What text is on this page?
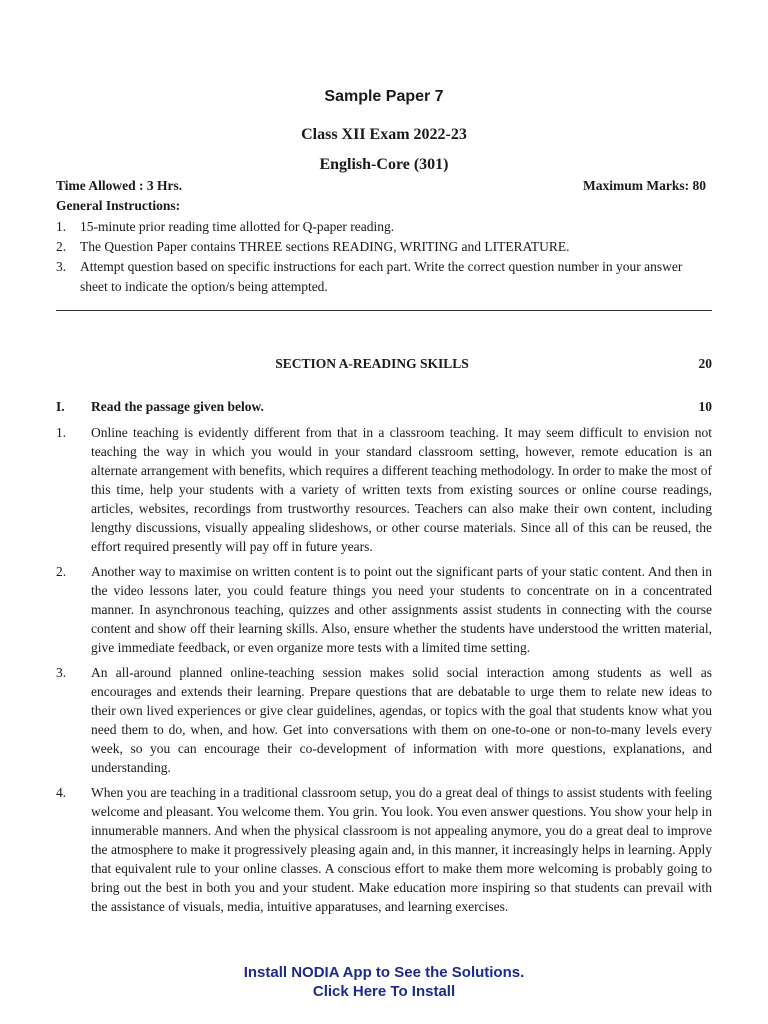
Sample Paper 7
Class XII Exam 2022-23
English-Core (301)
Time Allowed : 3 Hrs.	Maximum Marks: 80
General Instructions:
1.	15-minute prior reading time allotted for Q-paper reading.
2.	The Question Paper contains THREE sections READING, WRITING and LITERATURE.
3.	Attempt question based on specific instructions for each part. Write the correct question number in your answer sheet to indicate the option/s being attempted.
SECTION A-READING SKILLS	20
I. Read the passage given below.	10
1.	Online teaching is evidently different from that in a classroom teaching. It may seem difficult to envision not teaching the way in which you would in your standard classroom setting, however, remote education is an alternate arrangement with benefits, which requires a different teaching methodology. In order to make the most of this time, help your students with a variety of written texts from existing sources or online course readings, articles, websites, recordings from trustworthy resources. Teachers can also make their own content, including lengthy discussions, visually appealing slideshows, or other course materials. Since all of this can be reused, the effort required presently will pay off in future years.
2.	Another way to maximise on written content is to point out the significant parts of your static content. And then in the video lessons later, you could feature things you need your students to concentrate on in a concentrated manner. In asynchronous teaching, quizzes and other assignments assist students in connecting with the course content and show off their learning skills. Also, ensure whether the students have understood the written material, give immediate feedback, or even organize more tests with a limited time setting.
3.	An all-around planned online-teaching session makes solid social interaction among students as well as encourages and extends their learning. Prepare questions that are debatable to urge them to relate new ideas to their own lived experiences or give clear guidelines, agendas, or topics with the goal that students know what you need them to do, when, and how. Get into conversations with them on one-to-one or non-to-many levels every week, so you can encourage their co-development of information with more questions, explanations, and understanding.
4.	When you are teaching in a traditional classroom setup, you do a great deal of things to assist students with feeling welcome and pleasant. You welcome them. You grin. You look. You even answer questions. You show your help in innumerable manners. And when the physical classroom is not appealing anymore, you do a great deal to improve the atmosphere to make it progressively pleasing again and, in this manner, it increasingly helps in learning. Apply that equivalent rule to your online classes. A conscious effort to make them more welcoming is probably going to bring out the best in both you and your student. Make education more inspiring so that students can prevail with the assistance of visuals, media, intuitive apparatuses, and learning exercises.
Install NODIA App to See the Solutions.
Click Here To Install
